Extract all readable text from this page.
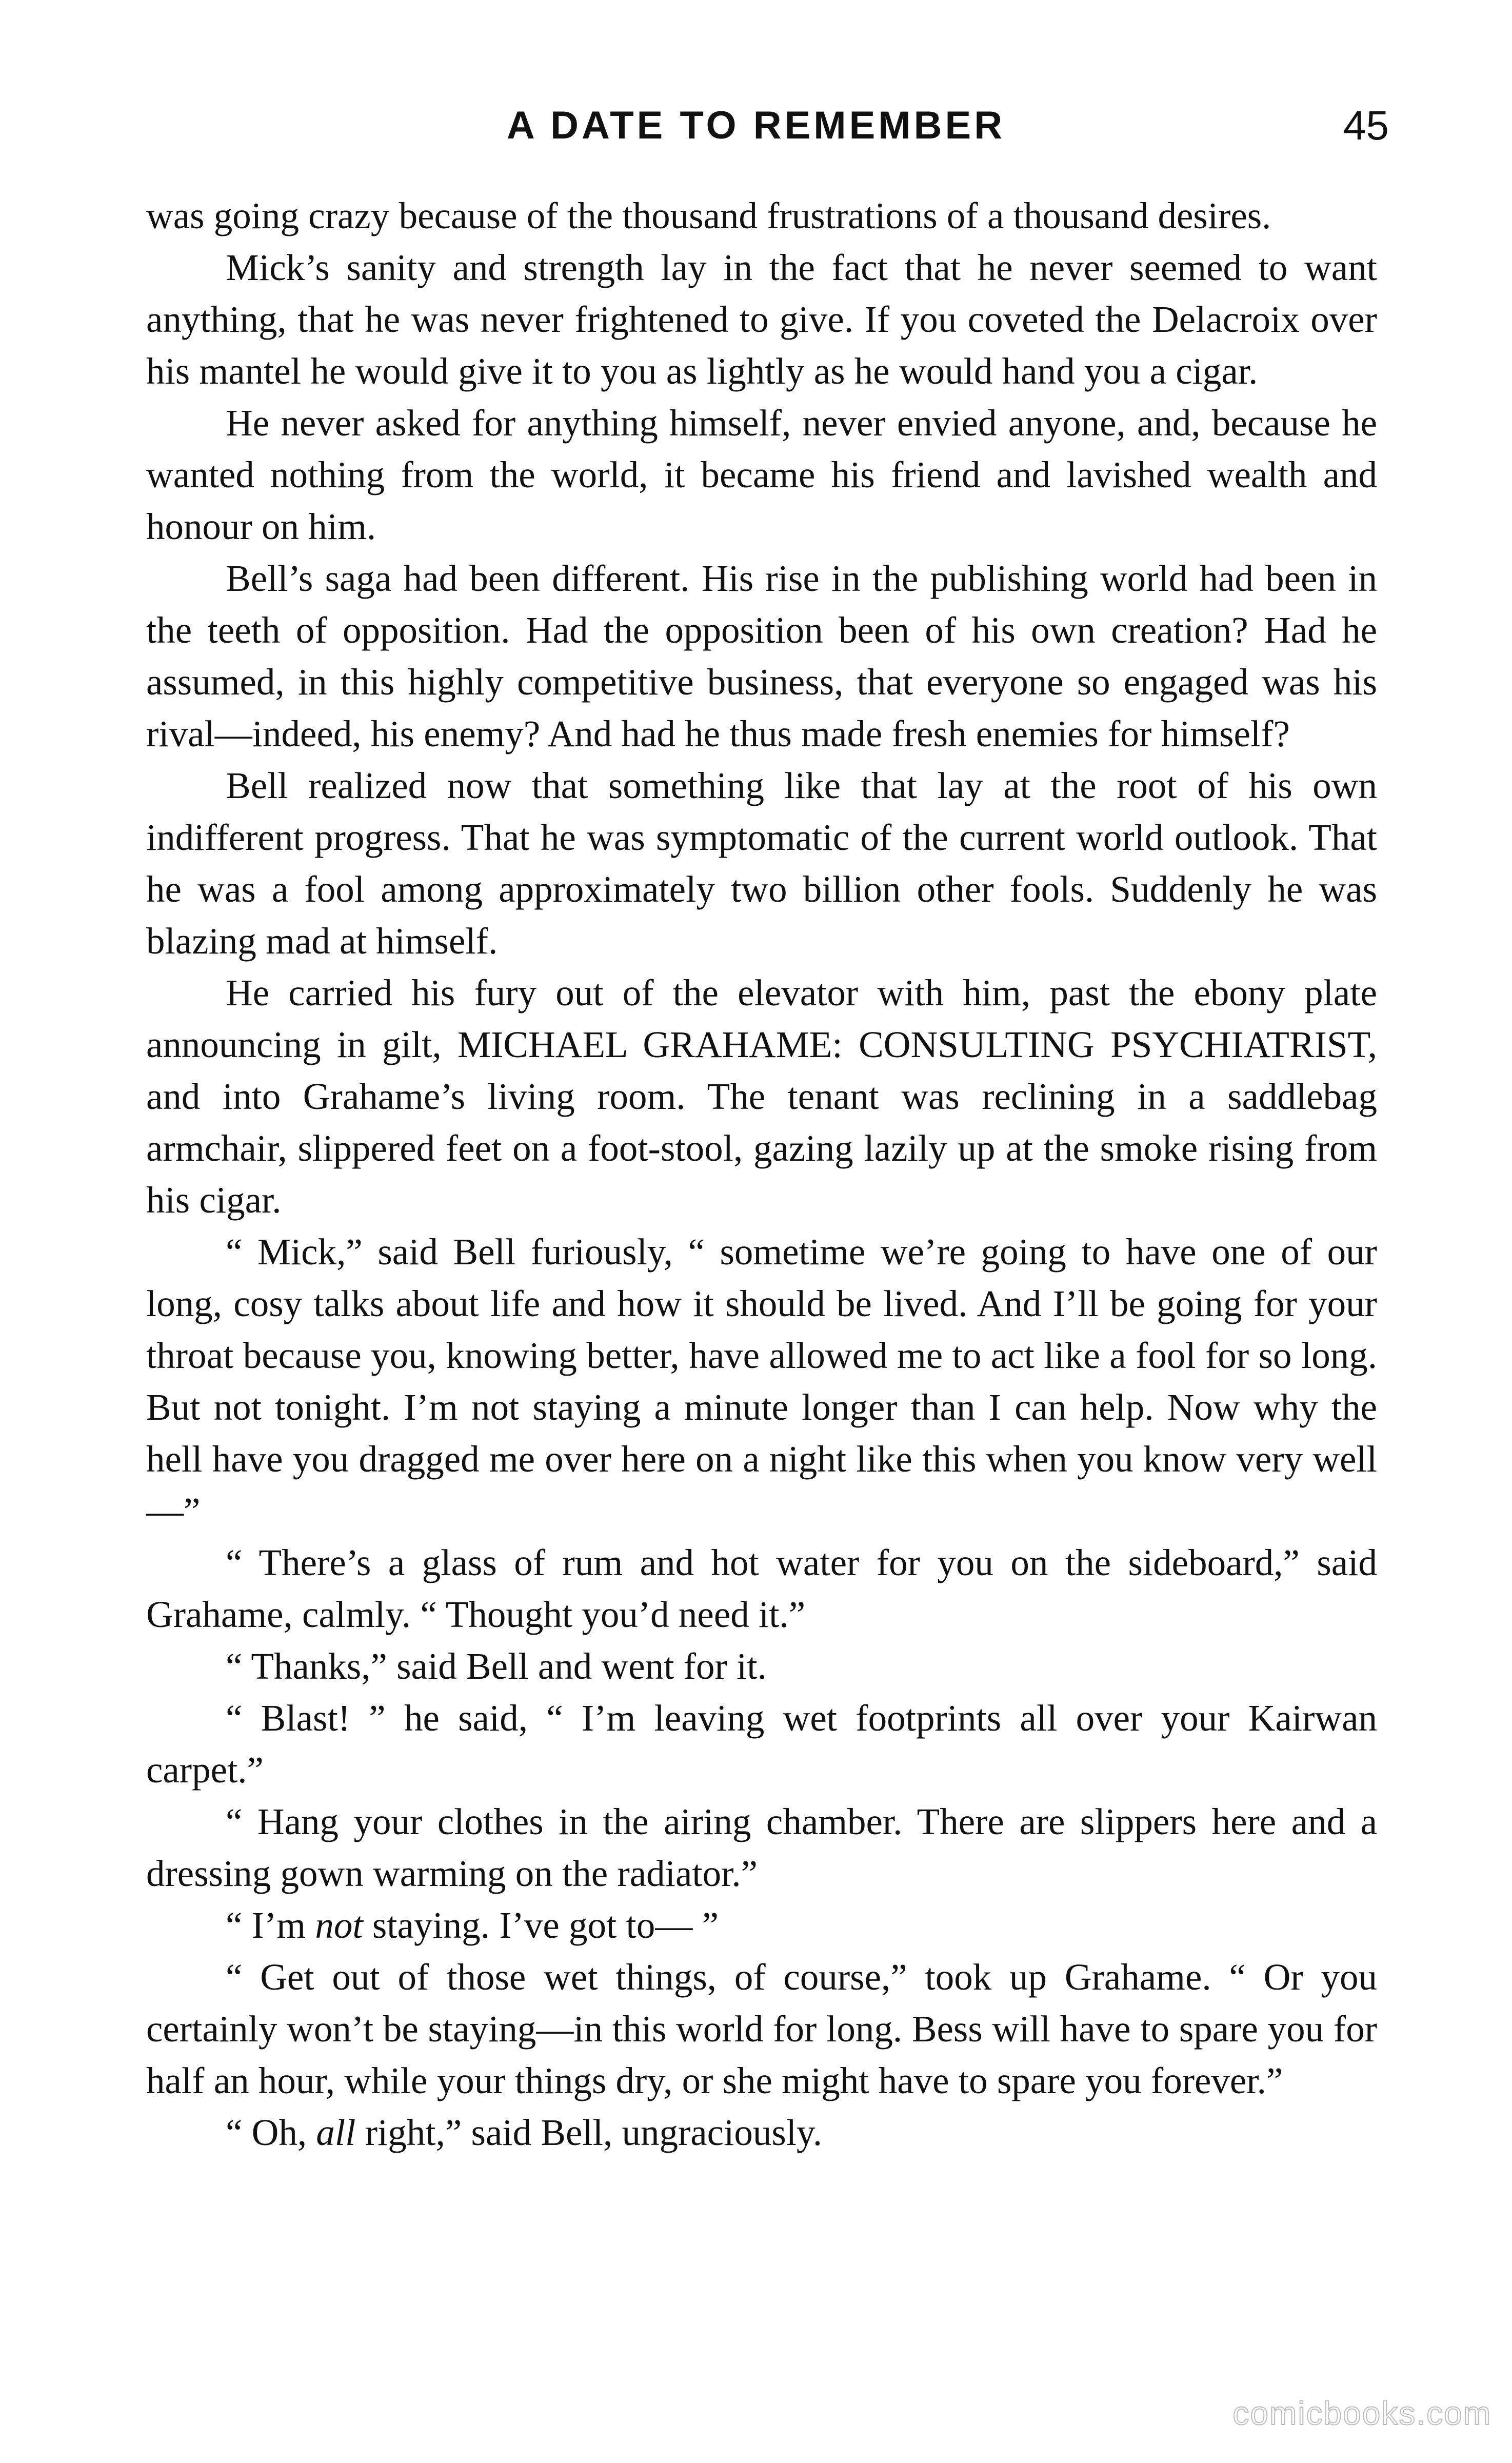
A DATE TO REMEMBER	45

was going crazy because of the thousand frustrations of a thousand desires.

Mick’s sanity and strength lay in the fact that he never seemed to want anything, that he was never frightened to give. If you coveted the Delacroix over his mantel he would give it to you as lightly as he would hand you a cigar.

He never asked for anything himself, never envied anyone, and, because he wanted nothing from the world, it became his friend and lavished wealth and honour on him.

Bell’s saga had been different. His rise in the publishing world had been in the teeth of opposition. Had the opposition been of his own creation? Had he assumed, in this highly competitive business, that everyone so engaged was his rival—indeed, his enemy? And had he thus made fresh enemies for himself?

Bell realized now that something like that lay at the root of his own indifferent progress. That he was symptomatic of the current world outlook. That he was a fool among approximately two billion other fools. Suddenly he was blazing mad at himself.

He carried his fury out of the elevator with him, past the ebony plate announcing in gilt, MICHAEL GRAHAME: CONSULTING PSYCHIATRIST, and into Grahame’s living room. The tenant was reclining in a saddlebag armchair, slippered feet on a foot-stool, gazing lazily up at the smoke rising from his cigar.

“ Mick,” said Bell furiously, “ sometime we’re going to have one of our long, cosy talks about life and how it should be lived. And I’ll be going for your throat because you, knowing better, have allowed me to act like a fool for so long. But not tonight. I’m not staying a minute longer than I can help. Now why the hell have you dragged me over here on a night like this when you know very well—”

“ There’s a glass of rum and hot water for you on the sideboard,” said Grahame, calmly. “ Thought you’d need it.”

“ Thanks,” said Bell and went for it.

“ Blast! ” he said, “ I’m leaving wet footprints all over your Kairwan carpet.”

“ Hang your clothes in the airing chamber. There are slippers here and a dressing gown warming on the radiator.”

“ I’m not staying. I’ve got to— ”

“ Get out of those wet things, of course,” took up Grahame. “ Or you certainly won’t be staying—in this world for long. Bess will have to spare you for half an hour, while your things dry, or she might have to spare you forever.”

“ Oh, all right,” said Bell, ungraciously.

comicbooks.com
